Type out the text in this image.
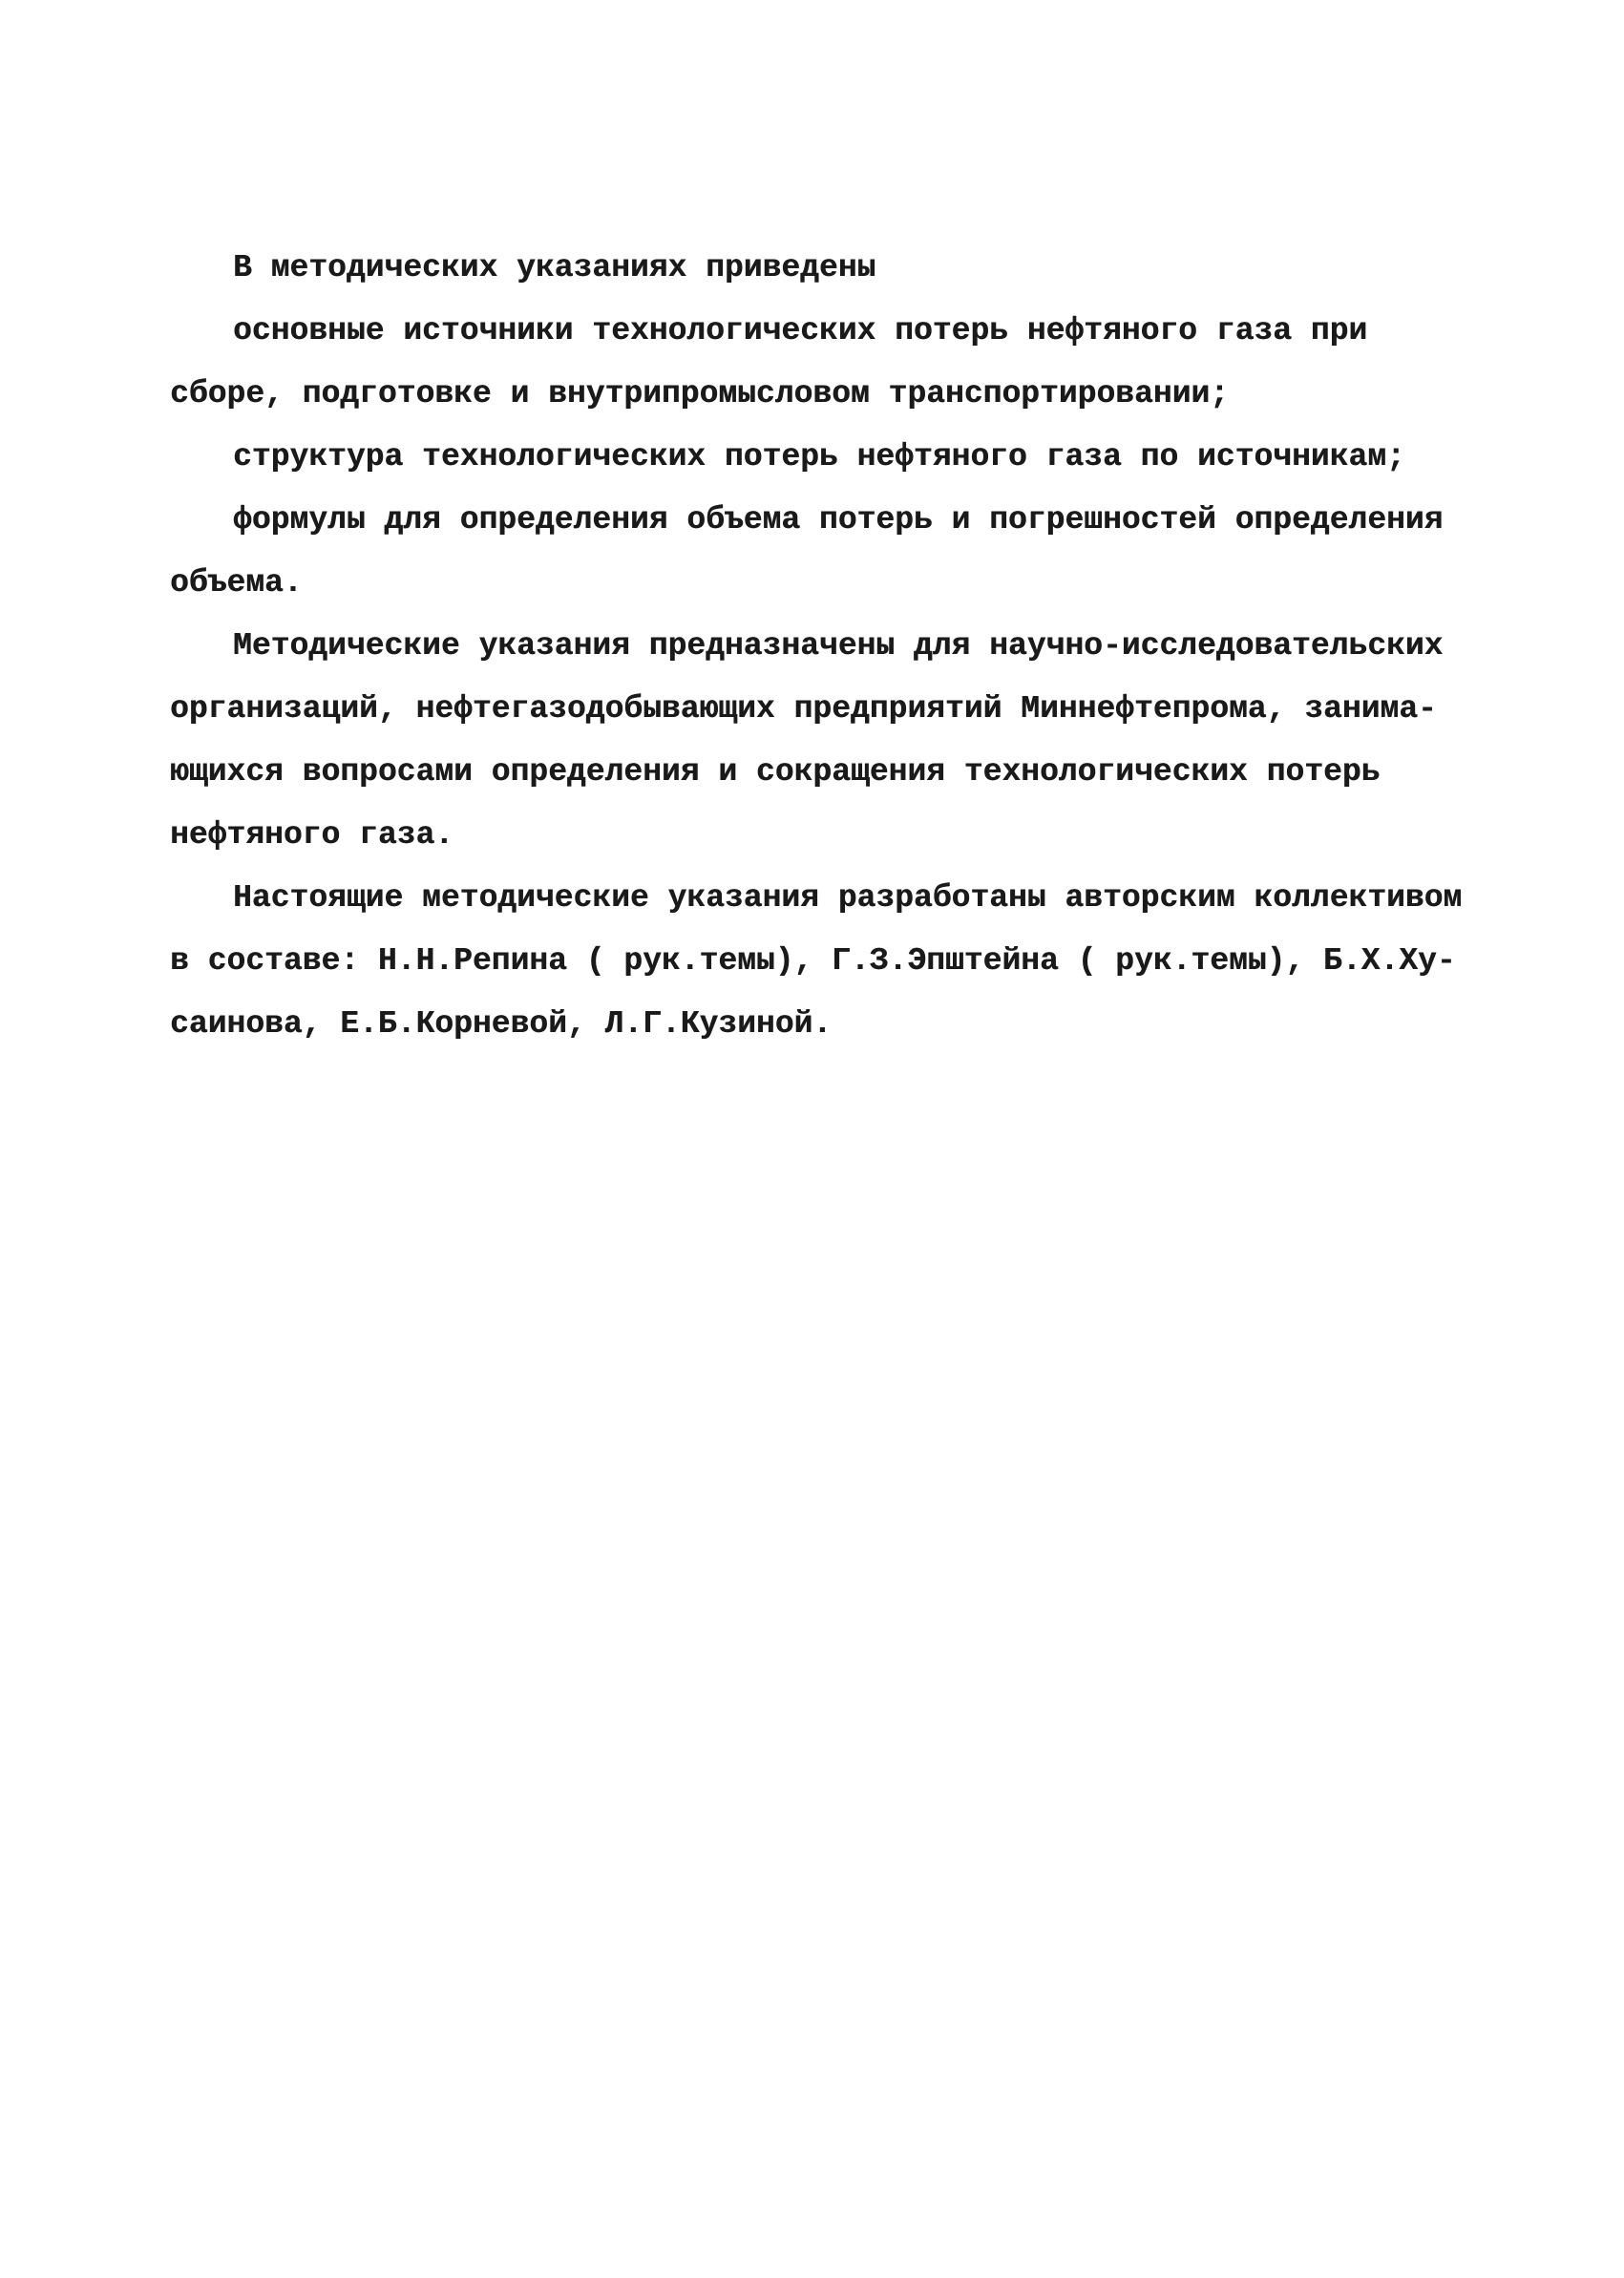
В методических указаниях приведены
основные источники технологических потерь нефтяного газа при
сборе, подготовке и внутрипромысловом транспортировании;
структура технологических потерь нефтяного газа по источникам;
формулы для определения объема потерь и погрешностей определения
объема.
Методические указания предназначены для научно-исследовательских
организаций, нефтегазодобывающих предприятий Миннефтепрома, занима-
ющихся вопросами определения и сокращения технологических потерь
нефтяного газа.
Настоящие методические указания разработаны авторским коллективом
в составе: Н.Н.Репина ( рук.темы), Г.З.Эпштейна ( рук.темы), Б.Х.Ху-
саинова, Е.Б.Корневой, Л.Г.Кузиной.
